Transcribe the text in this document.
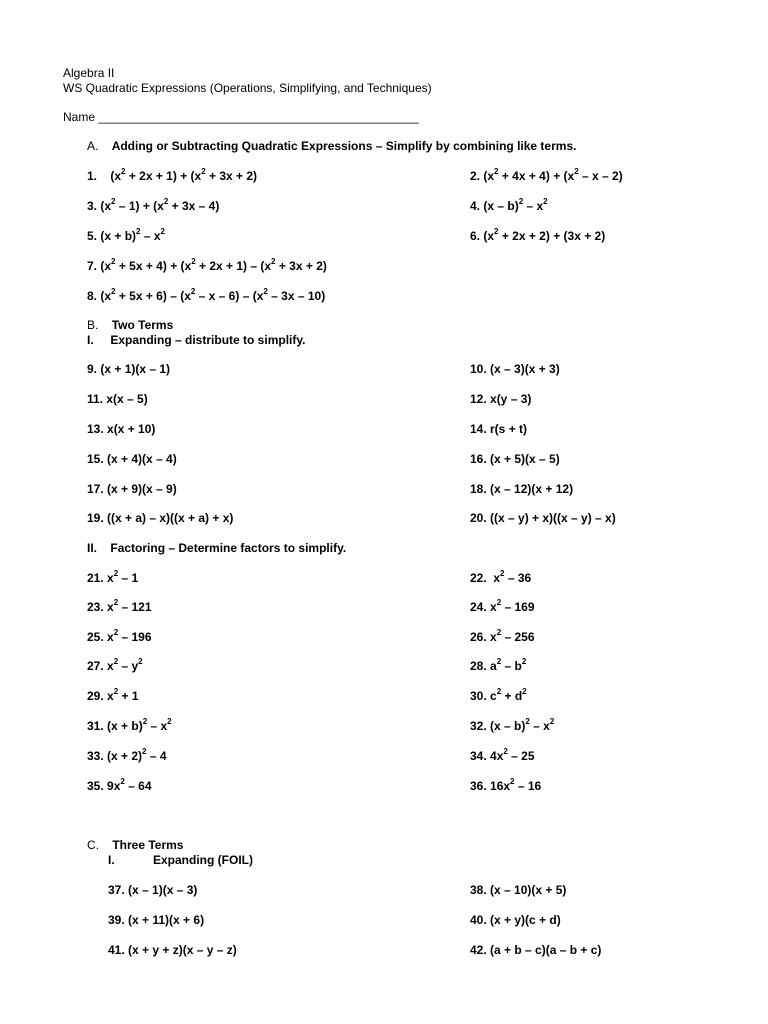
Algebra II
WS Quadratic Expressions (Operations, Simplifying, and Techniques)
Name ________________________________________________
A. Adding or Subtracting Quadratic Expressions – Simplify by combining like terms.
1.    $(x^2 + 2x + 1) + (x^2 + 3x + 2)$	2. $(x^2 + 4x + 4) + (x^2 - x - 2)$
3. $(x^2 - 1) + (x^2 + 3x - 4)$	4. $(x - b)^2 - x^2$
5. $(x + b)^2 - x^2$	6. $(x^2 + 2x + 2) + (3x + 2)$
7. $(x^2 + 5x + 4) + (x^2 + 2x + 1) - (x^2 + 3x + 2)$
8. $(x^2 + 5x + 6) - (x^2 - x - 6) - (x^2 - 3x - 10)$
B. Two Terms
I. Expanding – distribute to simplify.
9. (x + 1)(x – 1)	10. (x – 3)(x + 3)
11. x(x – 5)	12. x(y – 3)
13. x(x + 10)	14. r(s + t)
15. (x + 4)(x – 4)	16. (x + 5)(x – 5)
17. (x + 9)(x – 9)	18. (x – 12)(x + 12)
19. ((x + a) – x)((x + a) + x)	20. ((x – y) + x)((x – y) – x)
II. Factoring – Determine factors to simplify.
21. $x^2 - 1$	22.  $x^2 - 36$
23. $x^2 - 121$	24. $x^2 - 169$
25. $x^2 - 196$	26. $x^2 - 256$
27. $x^2 - y^2$	28. $a^2 - b^2$
29. $x^2 + 1$	30. $c^2 + d^2$
31. $(x + b)^2 - x^2$	32. $(x - b)^2 - x^2$
33. $(x + 2)^2 - 4$	34. $4x^2 - 25$
35. $9x^2 - 64$	36. $16x^2 - 16$
C. Three Terms
I.	Expanding (FOIL)
37. (x – 1)(x – 3)	38. (x – 10)(x + 5)
39. (x + 11)(x + 6)	40. (x + y)(c + d)
41. (x + y + z)(x – y – z)	42. (a + b – c)(a – b + c)
